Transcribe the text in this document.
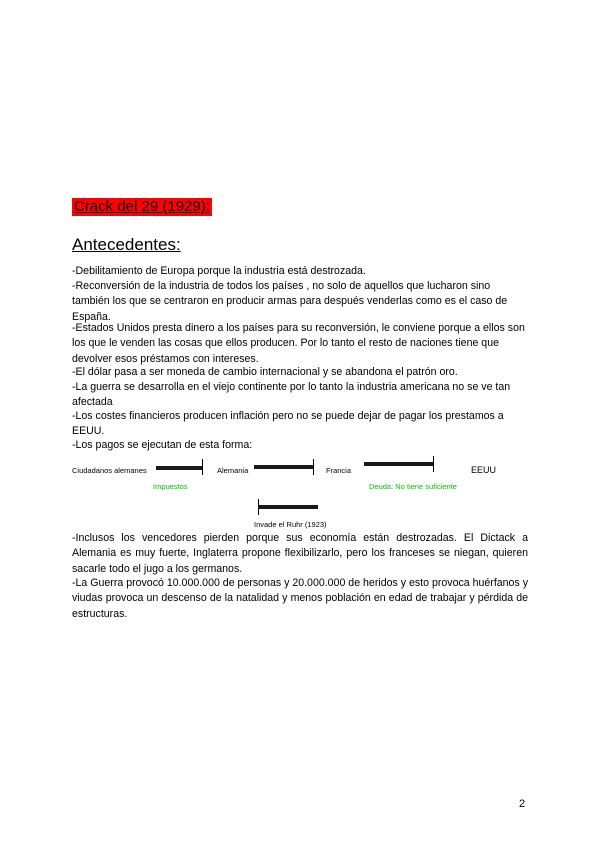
Crack del 29 (1929):
Antecedentes:

-Debilitamiento de Europa porque la industria está destrozada.

-Reconversión de la industria de todos los países , no solo de aquellos que lucharon sino también los que se centraron en producir armas para después venderlas como es el caso de España.

-Estados Unidos presta dinero a los países para su reconversión, le conviene porque a ellos son los que le venden las cosas que ellos producen. Por lo tanto el resto de naciones tiene que devolver esos préstamos con intereses.

-El dólar pasa a ser moneda de cambio internacional y se abandona el patrón oro.

-La guerra se desarrolla en el viejo continente por lo tanto la industria americana no se ve tan afectada

-Los costes financieros producen inflación pero no se puede dejar de pagar los prestamos a EEUU.

-Los pagos se ejecutan de esta forma:

Ciudadanos alemanes	Alemania	Francia	EEUU
Impuestos	Deuda: No tiene suficiente
Invade el Ruhr (1923)

-Inclusos los vencedores pierden porque sus economía están destrozadas. El Dictack a Alemania es muy fuerte, Inglaterra propone flexibilizarlo, pero los franceses se niegan, quieren sacarle todo el jugo a los germanos.

-La Guerra provocó 10.000.000 de personas y 20.000.000 de heridos y esto provoca huérfanos y viudas provoca un descenso de la natalidad y menos población en edad de trabajar y pérdida de estructuras.

2
